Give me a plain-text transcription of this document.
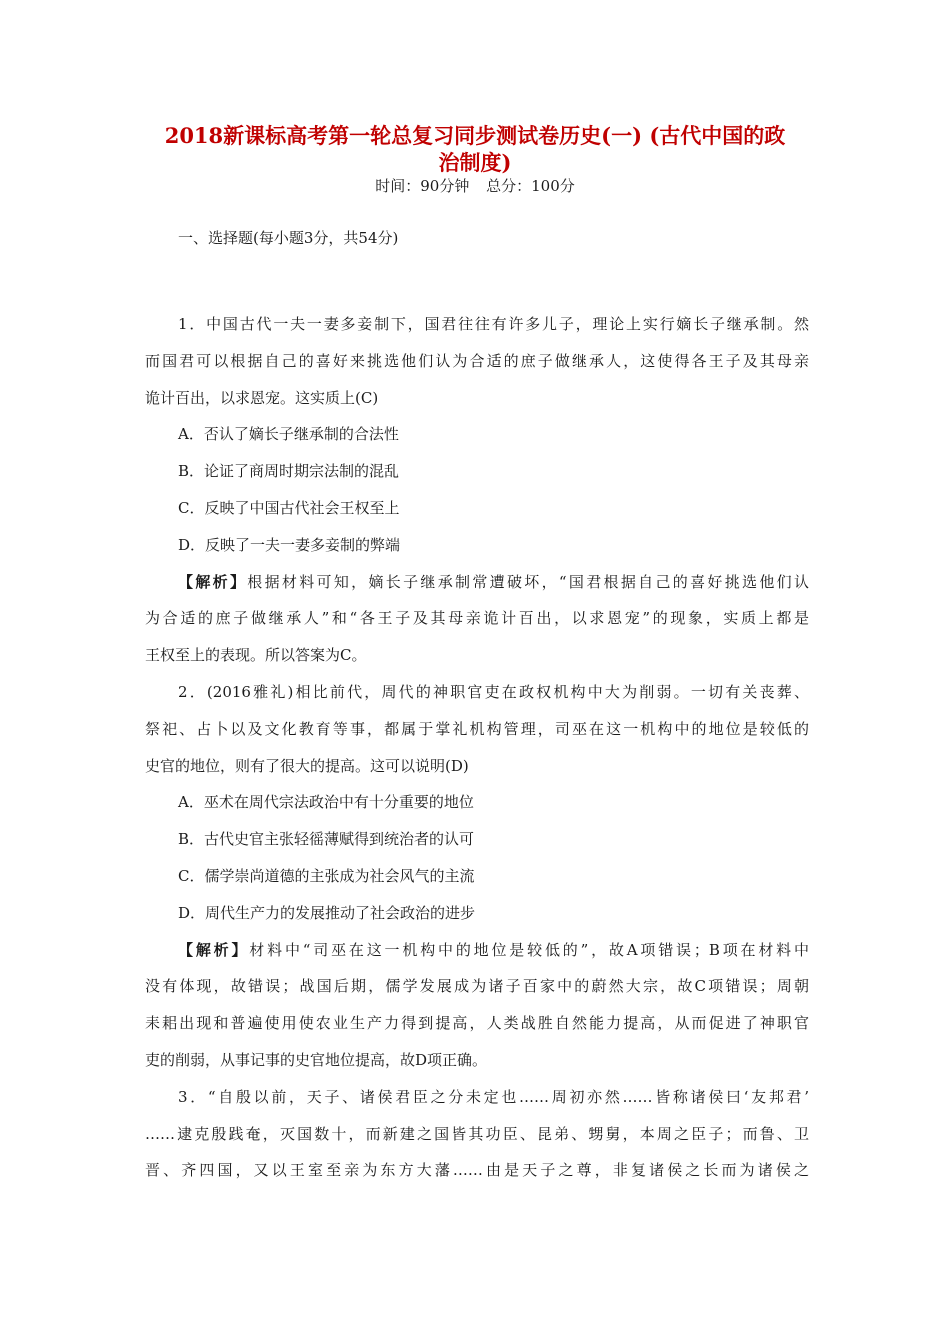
2018新课标高考第一轮总复习同步测试卷历史(一) (古代中国的政
治制度)
时间：90分钟 总分：100分
一、选择题(每小题3分，共54分)
1．中国古代一夫一妻多妾制下，国君往往有许多儿子，理论上实行嫡长子继承制。然
而国君可以根据自己的喜好来挑选他们认为合适的庶子做继承人，这使得各王子及其母亲
诡计百出，以求恩宠。这实质上(C)
A．否认了嫡长子继承制的合法性
B．论证了商周时期宗法制的混乱
C．反映了中国古代社会王权至上
D．反映了一夫一妻多妾制的弊端
【解析】根据材料可知，嫡长子继承制常遭破坏，“国君根据自己的喜好挑选他们认
为合适的庶子做继承人”和“各王子及其母亲诡计百出，以求恩宠”的现象，实质上都是
王权至上的表现。所以答案为C。
2．(2016雅礼)相比前代，周代的神职官吏在政权机构中大为削弱。一切有关丧葬、
祭祀、占卜以及文化教育等事，都属于掌礼机构管理，司巫在这一机构中的地位是较低的
史官的地位，则有了很大的提高。这可以说明(D)
A．巫术在周代宗法政治中有十分重要的地位
B．古代史官主张轻徭薄赋得到统治者的认可
C．儒学崇尚道德的主张成为社会风气的主流
D．周代生产力的发展推动了社会政治的进步
【解析】材料中“司巫在这一机构中的地位是较低的”，故A项错误；B项在材料中
没有体现，故错误；战国后期，儒学发展成为诸子百家中的蔚然大宗，故C项错误；周朝
耒耜出现和普遍使用使农业生产力得到提高，人类战胜自然能力提高，从而促进了神职官
吏的削弱，从事记事的史官地位提高，故D项正确。
3．“自殷以前，天子、诸侯君臣之分未定也……周初亦然……皆称诸侯曰‘友邦君’
……逮克殷践奄，灭国数十，而新建之国皆其功臣、昆弟、甥舅，本周之臣子；而鲁、卫
晋、齐四国，又以王室至亲为东方大藩……由是天子之尊，非复诸侯之长而为诸侯之
